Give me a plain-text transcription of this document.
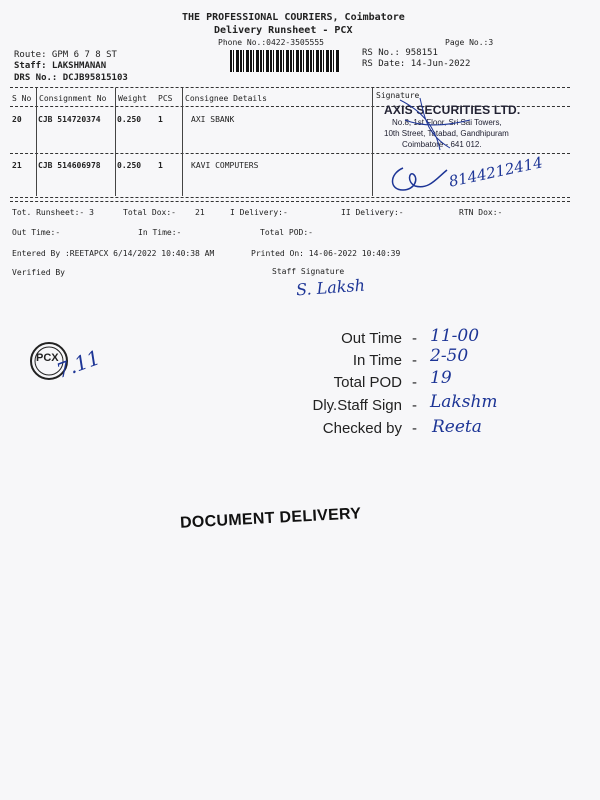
THE PROFESSIONAL COURIERS, Coimbatore
Delivery Runsheet - PCX
Phone No.:0422-3505555	Page No.:3
Route: GPM 6 7 8 ST
Staff: LAKSHMANAN
DRS No.: DCJB95815103
RS No.: 958151
RS Date: 14-Jun-2022
S No Consignment No Weight PCS Consignee Details	Signature
20 CJB 514720374 0.250 1	AXI SBANK
21 CJB 514606978 0.250 1	KAVI COMPUTERS
AXIS SECURITIES LTD.
No.8, 1st Floor, Sri Sai Towers,
10th Street, Tatabad, Gandhipuram
Coimbatore - 641 012.
8144212414
Tot. Runsheet:- 3	Total Dox:- 21	I Delivery:-	II Delivery:-	RTN Dox:-
Out Time:-	In Time:-	Total POD:-
Entered By :REETAPCX 6/14/2022 10:40:38 AM	Printed On: 14-06-2022 10:40:39
Verified By	Staff Signature
S. Laksh
PCX
7.11
Out Time - 11-00
In Time - 2-50
Total POD - 19
Dly.Staff Sign - Lakshm
Checked by - Reeta
DOCUMENT DELIVERY
